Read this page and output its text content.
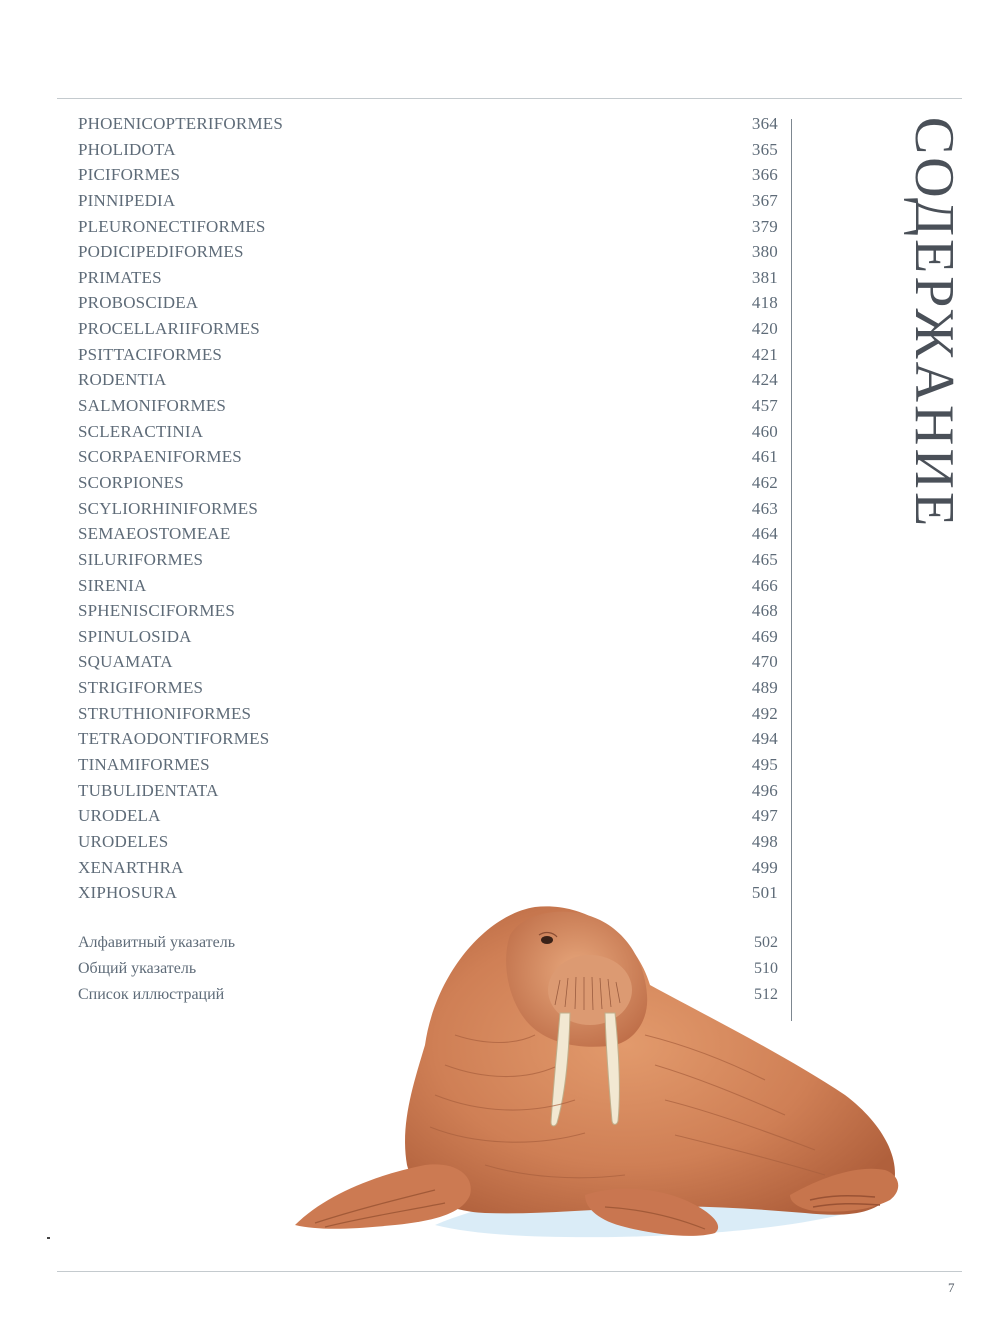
PHOENICOPTERIFORMES	364
PHOLIDOTA	365
PICIFORMES	366
PINNIPEDIA	367
PLEURONECTIFORMES	379
PODICIPEDIFORMES	380
PRIMATES	381
PROBOSCIDEA	418
PROCELLARIIFORMES	420
PSITTACIFORMES	421
RODENTIA	424
SALMONIFORMES	457
SCLERACTINIA	460
SCORPAENIFORMES	461
SCORPIONES	462
SCYLIORHINIFORMES	463
SEMAEOSTOMEAE	464
SILURIFORMES	465
SIRENIA	466
SPHENISCIFORMES	468
SPINULOSIDA	469
SQUAMATA	470
STRIGIFORMES	489
STRUTHIONIFORMES	492
TETRAODONTIFORMES	494
TINAMIFORMES	495
TUBULIDENTATA	496
URODELA	497
URODELES	498
XENARTHRA	499
XIPHOSURA	501
Алфавитный указатель	502
Общий указатель	510
Список иллюстраций	512
СОДЕРЖАНИЕ
7
